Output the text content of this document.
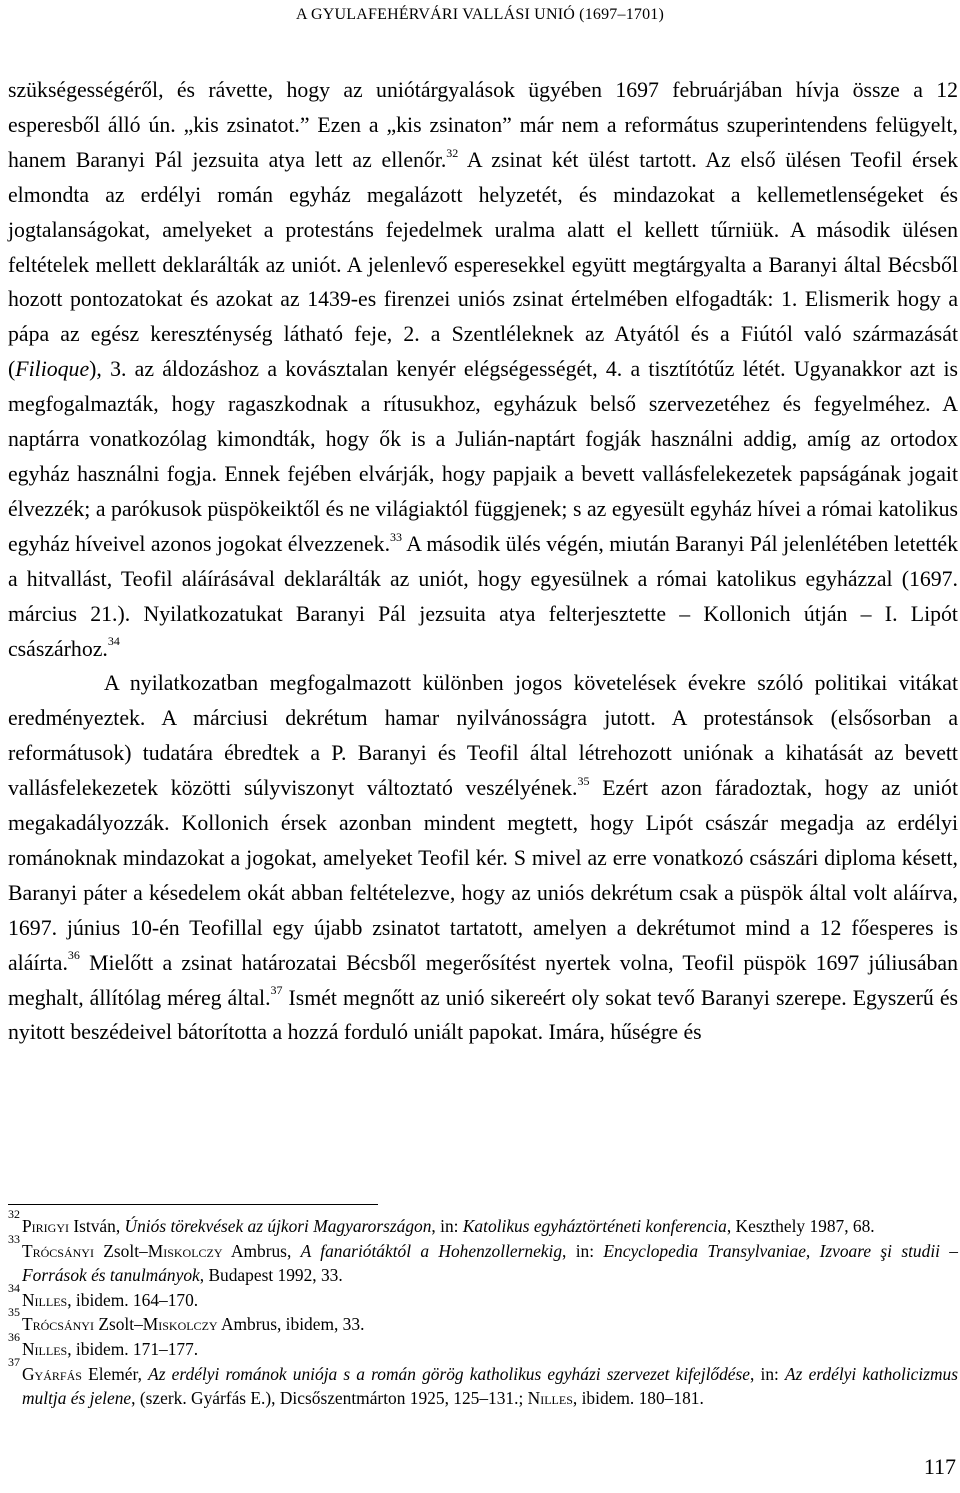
A GYULAFEHÉRVÁRI VALLÁSI UNIÓ (1697–1701)

szükségességéről, és rávette, hogy az uniótárgyalások ügyében 1697 februárjában hívja össze a 12 esperesből álló ún. „kis zsinatot.” Ezen a „kis zsinaton” már nem a református szuperintendens felügyelt, hanem Baranyi Pál jezsuita atya lett az ellenőr.$^{32}$ A zsinat két ülést tartott. Az első ülésen Teofil érsek elmondta az erdélyi román egyház megalázott helyzetét, és mindazokat a kellemetlenségeket és jogtalanságokat, amelyeket a protestáns fejedelmek uralma alatt el kellett tűrniük. A második ülésen feltételek mellett deklarálták az uniót. A jelenlevő esperesekkel együtt megtárgyalta a Baranyi által Bécsből hozott pontozatokat és azokat az 1439-es firenzei uniós zsinat értelmében elfogadták: 1. Elismerik hogy a pápa az egész kereszténység látható feje, 2. a Szentléleknek az Atyától és a Fiútól való származását (Filioque), 3. az áldozáshoz a kovásztalan kenyér elégségességét, 4. a tisztítótűz létét. Ugyanakkor azt is megfogalmazták, hogy ragaszkodnak a rítusukhoz, egyházuk belső szervezetéhez és fegyelméhez. A naptárra vonatkozólag kimondták, hogy ők is a Julián-naptárt fogják használni addig, amíg az ortodox egyház használni fogja. Ennek fejében elvárják, hogy papjaik a bevett vallásfelekezetek papságának jogait élvezzék; a parókusok püspökeiktől és ne világiaktól függjenek; s az egyesült egyház hívei a római katolikus egyház híveivel azonos jogokat élvezzenek.$^{33}$ A második ülés végén, miután Baranyi Pál jelenlétében letették a hitvallást, Teofil aláírásával deklarálták az uniót, hogy egyesülnek a római katolikus egyházzal (1697. március 21.). Nyilatkozatukat Baranyi Pál jezsuita atya felterjesztette – Kollonich útján – I. Lipót császárhoz.$^{34}$

A nyilatkozatban megfogalmazott különben jogos követelések évekre szóló politikai vitákat eredményeztek. A márciusi dekrétum hamar nyilvánosságra jutott. A protestánsok (elsősorban a reformátusok) tudatára ébredtek a P. Baranyi és Teofil által létrehozott uniónak a kihatását az bevett vallásfelekezetek közötti súlyviszonyt változtató veszélyének.$^{35}$ Ezért azon fáradoztak, hogy az uniót megakadályozzák. Kollonich érsek azonban mindent megtett, hogy Lipót császár megadja az erdélyi románoknak mindazokat a jogokat, amelyeket Teofil kér. S mivel az erre vonatkozó császári diploma késett, Baranyi páter a késedelem okát abban feltételezve, hogy az uniós dekrétum csak a püspök által volt aláírva, 1697. június 10-én Teofillal egy újabb zsinatot tartatott, amelyen a dekrétumot mind a 12 főesperes is aláírta.$^{36}$ Mielőtt a zsinat határozatai Bécsből megerősítést nyertek volna, Teofil püspök 1697 júliusában meghalt, állítólag méreg által.$^{37}$ Ismét megnőtt az unió sikereért oly sokat tevő Baranyi szerepe. Egyszerű és nyitott beszédeivel bátorította a hozzá forduló uniált papokat. Imára, hűségre és

32
Pirigyi István, Úniós törekvések az újkori Magyarországon, in: Katolikus egyháztörténeti konferencia, Keszthely 1987, 68.
33
Trócsányi Zsolt–Miskolczy Ambrus, A fanariótáktól a Hohenzollernekig, in: Encyclopedia Transylvaniae, Izvoare şi studii – Források és tanulmányok, Budapest 1992, 33.
34
Nilles, ibidem. 164–170.
35
Trócsányi Zsolt–Miskolczy Ambrus, ibidem, 33.
36
Nilles, ibidem. 171–177.
37
Gyárfás Elemér, Az erdélyi románok uniója s a román görög katholikus egyházi szervezet kifejlődése, in: Az erdélyi katholicizmus multja és jelene, (szerk. Gyárfás E.), Dicsőszentmárton 1925, 125–131.; Nilles, ibidem. 180–181.
117
